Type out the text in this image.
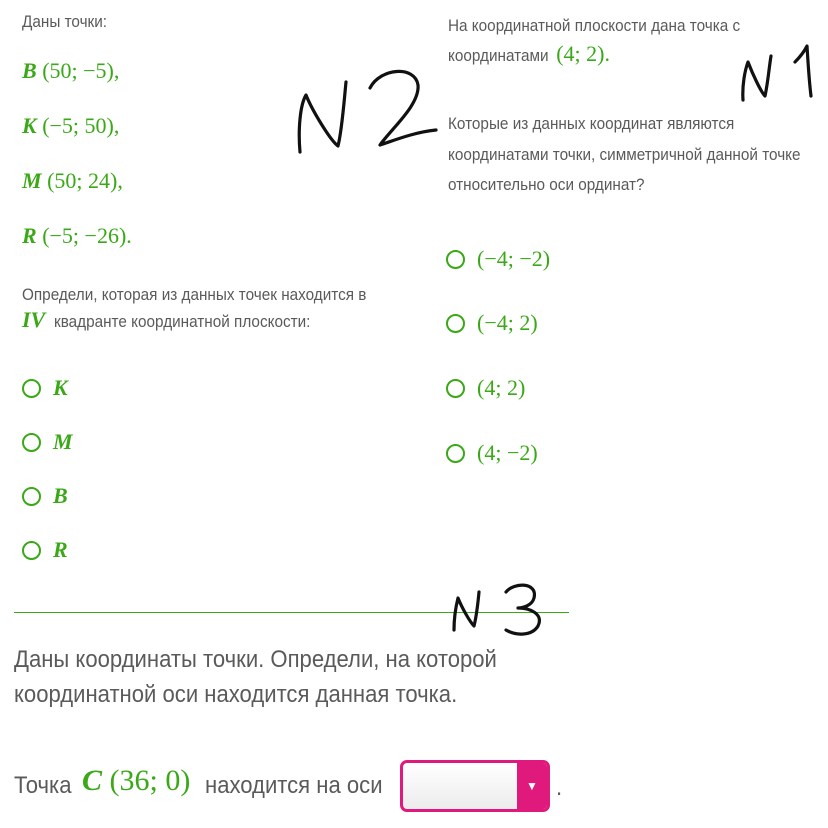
Даны точки:
B (50; −5),
K (−5; 50),
M (50; 24),
R (−5; −26).
Определи, которая из данных точек находится в
IV квадранте координатной плоскости:
K
M
B
R
На координатной плоскости дана точка с
координатами (4; 2).
Которые из данных координат являются
координатами точки, симметричной данной точке
относительно оси ординат?
(−4; −2)
(−4; 2)
(4; 2)
(4; −2)
Даны координаты точки. Определи, на которой
координатной оси находится данная точка.
Точка C (36; 0) находится на оси	▼ .
